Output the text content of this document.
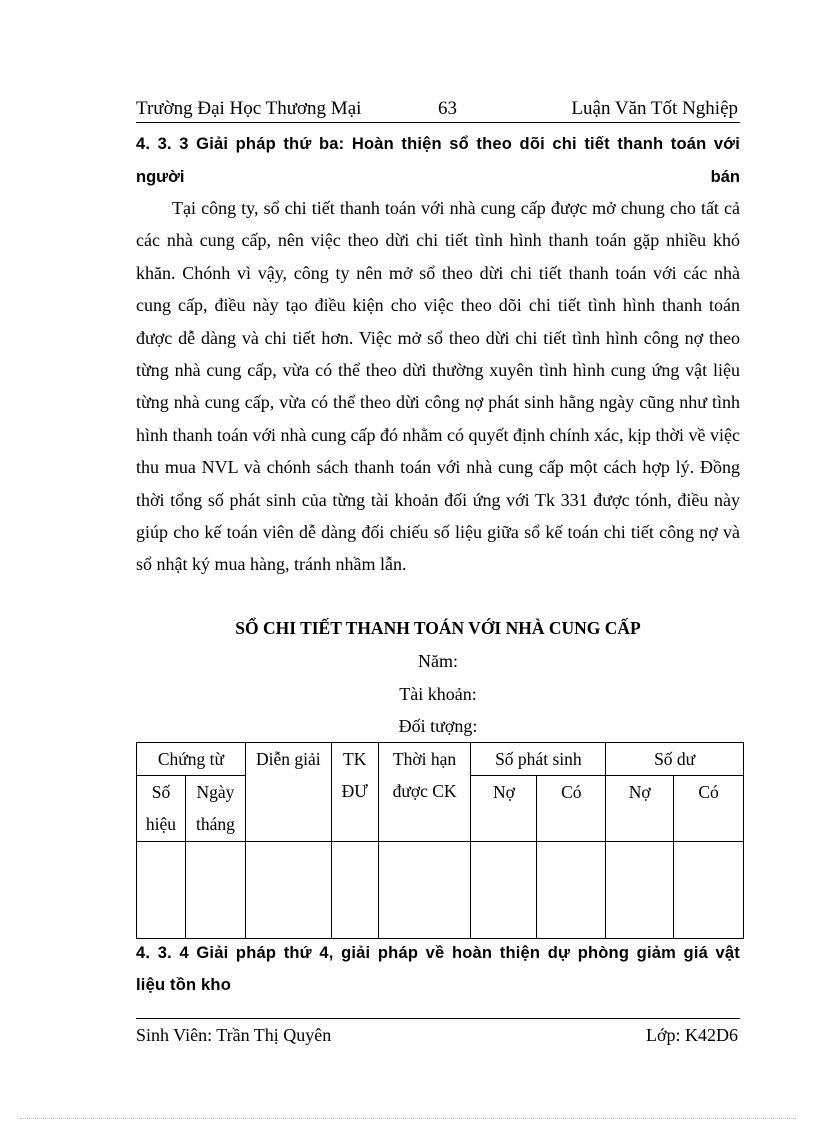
Trường Đại Học Thương Mại	63	Luận Văn Tốt Nghiệp
4. 3. 3 Giải pháp thứ ba: Hoàn thiện sổ theo dõi chi tiết thanh toán với
người	bán
Tại công ty, sổ chi tiết thanh toán với nhà cung cấp được mở chung cho tất cả các nhà cung cấp, nên việc theo dừi chi tiết tình hình thanh toán gặp nhiều khó khăn. Chónh vì vậy, công ty nên mở sổ theo dừi chi tiết thanh toán với các nhà cung cấp, điều này tạo điều kiện cho việc theo dõi chi tiết tình hình thanh toán được dễ dàng và chi tiết hơn. Việc mở sổ theo dừi chi tiết tình hình công nợ theo từng nhà cung cấp, vừa có thể theo dừi thường xuyên tình hình cung ứng vật liệu từng nhà cung cấp, vừa có thể theo dừi công nợ phát sinh hằng ngày cũng như tình hình thanh toán với nhà cung cấp đó nhằm có quyết định chính xác, kịp thời về việc thu mua NVL và chónh sách thanh toán với nhà cung cấp một cách hợp lý. Đồng thời tổng số phát sinh của từng tài khoản đối ứng với Tk 331 được tónh, điều này giúp cho kế toán viên dễ dàng đối chiếu số liệu giữa sổ kế toán chi tiết công nợ và sổ nhật ký mua hàng, tránh nhầm lẫn.
SỔ CHI TIẾT THANH TOÁN VỚI NHÀ CUNG CẤP
Năm:
Tài khoản:
Đối tượng:
Chứng từ		Diễn giải	TK ĐƯ	Thời hạn được CK	Số phát sinh		Số dư	
Số hiệu	Ngày tháng				Nợ	Có	Nợ	Có

4. 3. 4 Giải pháp thứ 4, giải pháp về hoàn thiện dự phòng giảm giá vật
liệu tồn kho
Sinh Viên: Trần Thị Quyên	Lớp: K42D6
